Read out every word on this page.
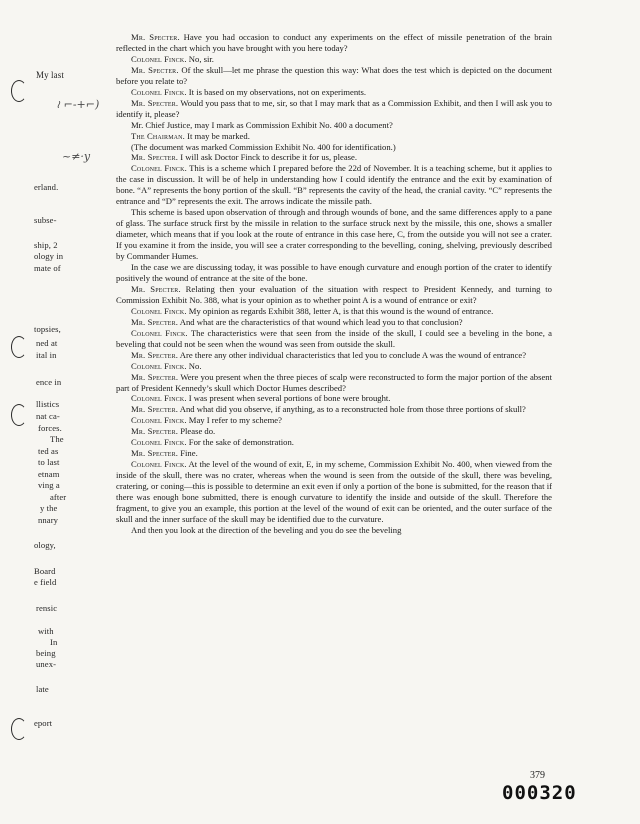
My last
≀ ⌐-+⌐)
~≠·y
erland.
subse-
ship, 2
ology in
mate of
topsies,
ned at
ital in
ence in
llistics
nat ca-
forces.
The
ted as
to last
etnam
ving a
after
y the
nnary
ology,
Board
e field
rensic
with
In
being
unex-
late
eport

Mr. Specter. Have you had occasion to conduct any experiments on the effect of missile penetration of the brain reflected in the chart which you have brought with you here today?

Colonel Finck. No, sir.

Mr. Specter. Of the skull—let me phrase the question this way: What does the test which is depicted on the document before you relate to?

Colonel Finck. It is based on my observations, not on experiments.

Mr. Specter. Would you pass that to me, sir, so that I may mark that as a Commission Exhibit, and then I will ask you to identify it, please?

Mr. Chief Justice, may I mark as Commission Exhibit No. 400 a document?

The Chairman. It may be marked.

(The document was marked Commission Exhibit No. 400 for identification.)

Mr. Specter. I will ask Doctor Finck to describe it for us, please.

Colonel Finck. This is a scheme which I prepared before the 22d of November. It is a teaching scheme, but it applies to the case in discussion. It will be of help in understanding how I could identify the entrance and the exit by examination of bone. “A” represents the bony portion of the skull. “B” represents the cavity of the head, the cranial cavity. “C” represents the entrance and “D” represents the exit. The arrows indicate the missile path.

This scheme is based upon observation of through and through wounds of bone, and the same differences apply to a pane of glass. The surface struck first by the missile in relation to the surface struck next by the missile, this one, shows a smaller diameter, which means that if you look at the route of entrance in this case here, C, from the outside you will not see a crater. If you examine it from the inside, you will see a crater corresponding to the bevelling, coning, shelving, previously described by Commander Humes.

In the case we are discussing today, it was possible to have enough curvature and enough portion of the crater to identify positively the wound of entrance at the site of the bone.

Mr. Specter. Relating then your evaluation of the situation with respect to President Kennedy, and turning to Commission Exhibit No. 388, what is your opinion as to whether point A is a wound of entrance or exit?

Colonel Finck. My opinion as regards Exhibit 388, letter A, is that this wound is the wound of entrance.

Mr. Specter. And what are the characteristics of that wound which lead you to that conclusion?

Colonel Finck. The characteristics were that seen from the inside of the skull, I could see a beveling in the bone, a beveling that could not be seen when the wound was seen from outside the skull.

Mr. Specter. Are there any other individual characteristics that led you to conclude A was the wound of entrance?

Colonel Finck. No.

Mr. Specter. Were you present when the three pieces of scalp were reconstructed to form the major portion of the absent part of President Kennedy’s skull which Doctor Humes described?

Colonel Finck. I was present when several portions of bone were brought.

Mr. Specter. And what did you observe, if anything, as to a reconstructed hole from those three portions of skull?

Colonel Finck. May I refer to my scheme?

Mr. Specter. Please do.

Colonel Finck. For the sake of demonstration.

Mr. Specter. Fine.

Colonel Finck. At the level of the wound of exit, E, in my scheme, Commission Exhibit No. 400, when viewed from the inside of the skull, there was no crater, whereas when the wound is seen from the outside of the skull, there was beveling, cratering, or coning—this is possible to determine an exit even if only a portion of the bone is submitted, for the reason that if there was enough bone submitted, there is enough curvature to identify the inside and outside of the skull. Therefore the fragment, to give you an example, this portion at the level of the wound of exit can be oriented, and the outer surface of the skull and the inner surface of the skull may be identified due to the curvature.

And then you look at the direction of the beveling and you do see the beveling

379
000320
